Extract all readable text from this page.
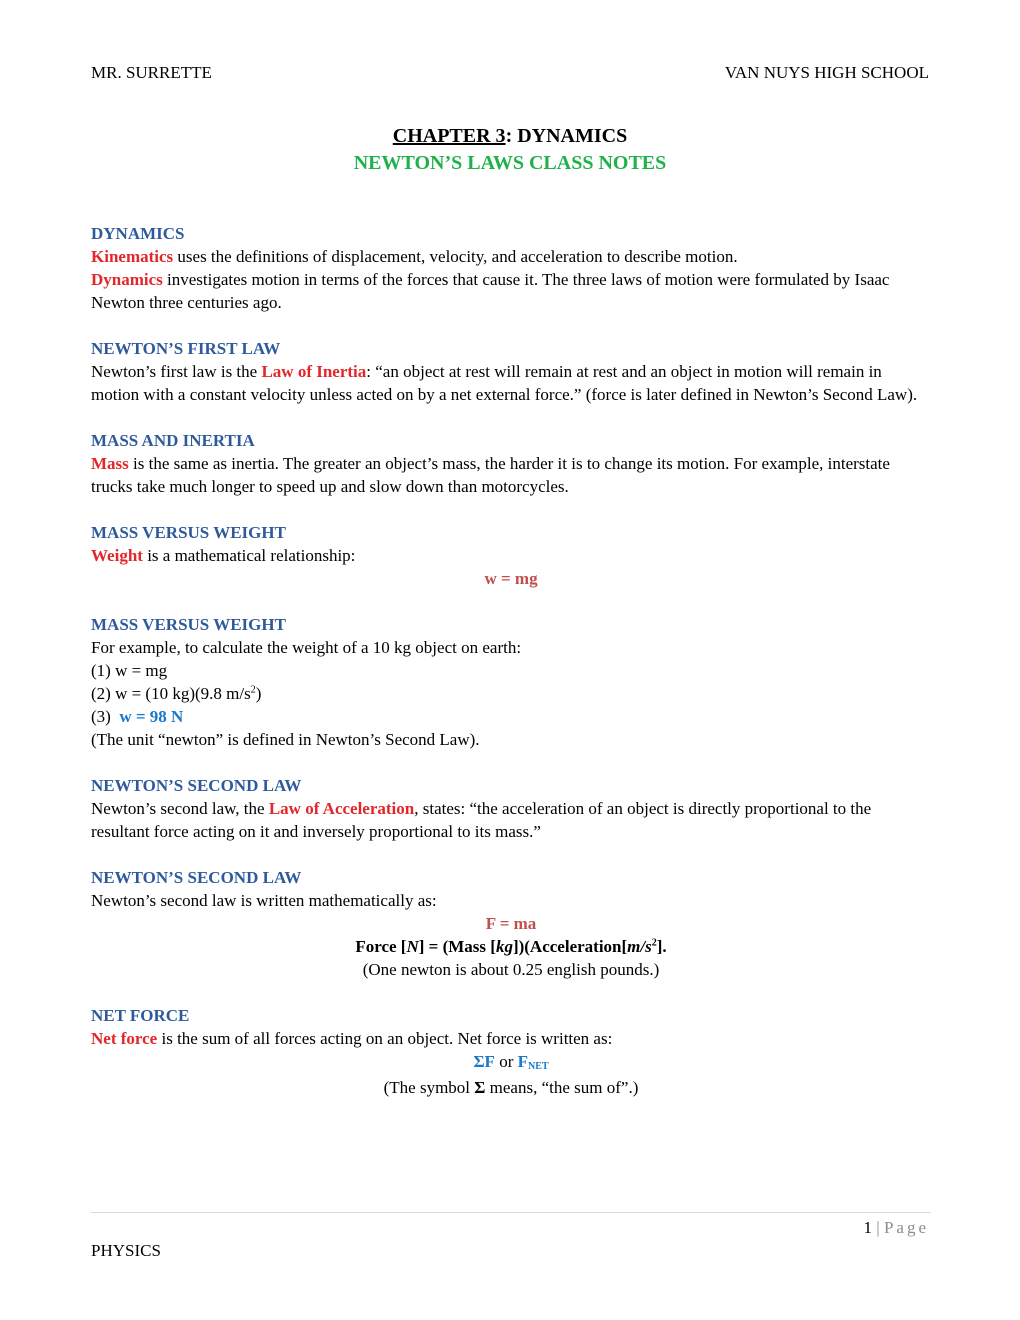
MR. SURRETTE	VAN NUYS HIGH SCHOOL
CHAPTER 3: DYNAMICS
NEWTON’S LAWS CLASS NOTES

DYNAMICS

Kinematics uses the definitions of displacement, velocity, and acceleration to describe motion.

Dynamics investigates motion in terms of the forces that cause it. The three laws of motion were formulated by Isaac Newton three centuries ago.

NEWTON’S FIRST LAW

Newton’s first law is the Law of Inertia: “an object at rest will remain at rest and an object in motion will remain in motion with a constant velocity unless acted on by a net external force.” (force is later defined in Newton’s Second Law).

MASS AND INERTIA

Mass is the same as inertia. The greater an object’s mass, the harder it is to change its motion. For example, interstate trucks take much longer to speed up and slow down than motorcycles.

MASS VERSUS WEIGHT

Weight is a mathematical relationship:

w = mg

MASS VERSUS WEIGHT

For example, to calculate the weight of a 10 kg object on earth:

(1) w = mg

(2) w = (10 kg)(9.8 $m/s^2$)

(3)  w = 98 N

(The unit “newton” is defined in Newton’s Second Law).

NEWTON’S SECOND LAW

Newton’s second law, the Law of Acceleration, states: “the acceleration of an object is directly proportional to the resultant force acting on it and inversely proportional to its mass.”

NEWTON’S SECOND LAW

Newton’s second law is written mathematically as:

F = ma

Force [N] = (Mass $[kg])(Acceleration[m/s^2]$.

(One newton is about 0.25 english pounds.)

NET FORCE

Net force is the sum of all forces acting on an object. Net force is written as:

ΣF or FNET

(The symbol Σ means, “the sum of”.)

1 | Page
PHYSICS
